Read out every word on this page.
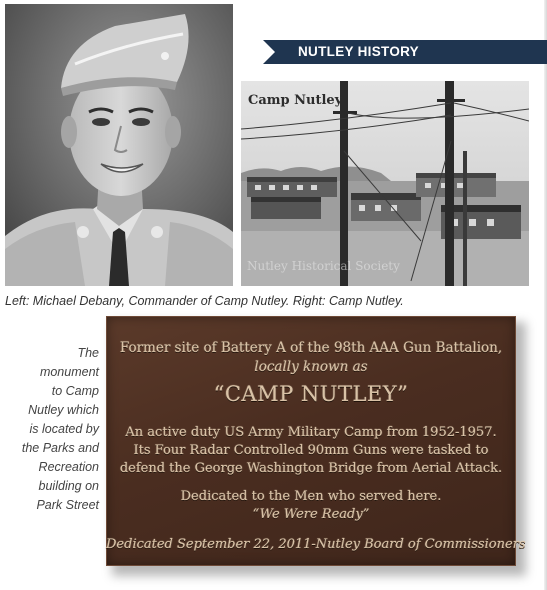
NUTLEY HISTORY
Camp Nutley
Nutley Historical Society
Left: Michael Debany, Commander of Camp Nutley. Right: Camp Nutley.
The
monument
to Camp
Nutley which
is located by
the Parks and
Recreation
building on
Park Street
Former site of Battery A of the 98th AAA Gun Battalion,
locally known as
“CAMP NUTLEY”
An active duty US Army Military Camp from 1952-1957.
Its Four Radar Controlled 90mm Guns were tasked to
defend the George Washington Bridge from Aerial Attack.
Dedicated to the Men who served here.
“We Were Ready”
Dedicated September 22, 2011-Nutley Board of Commissioners
